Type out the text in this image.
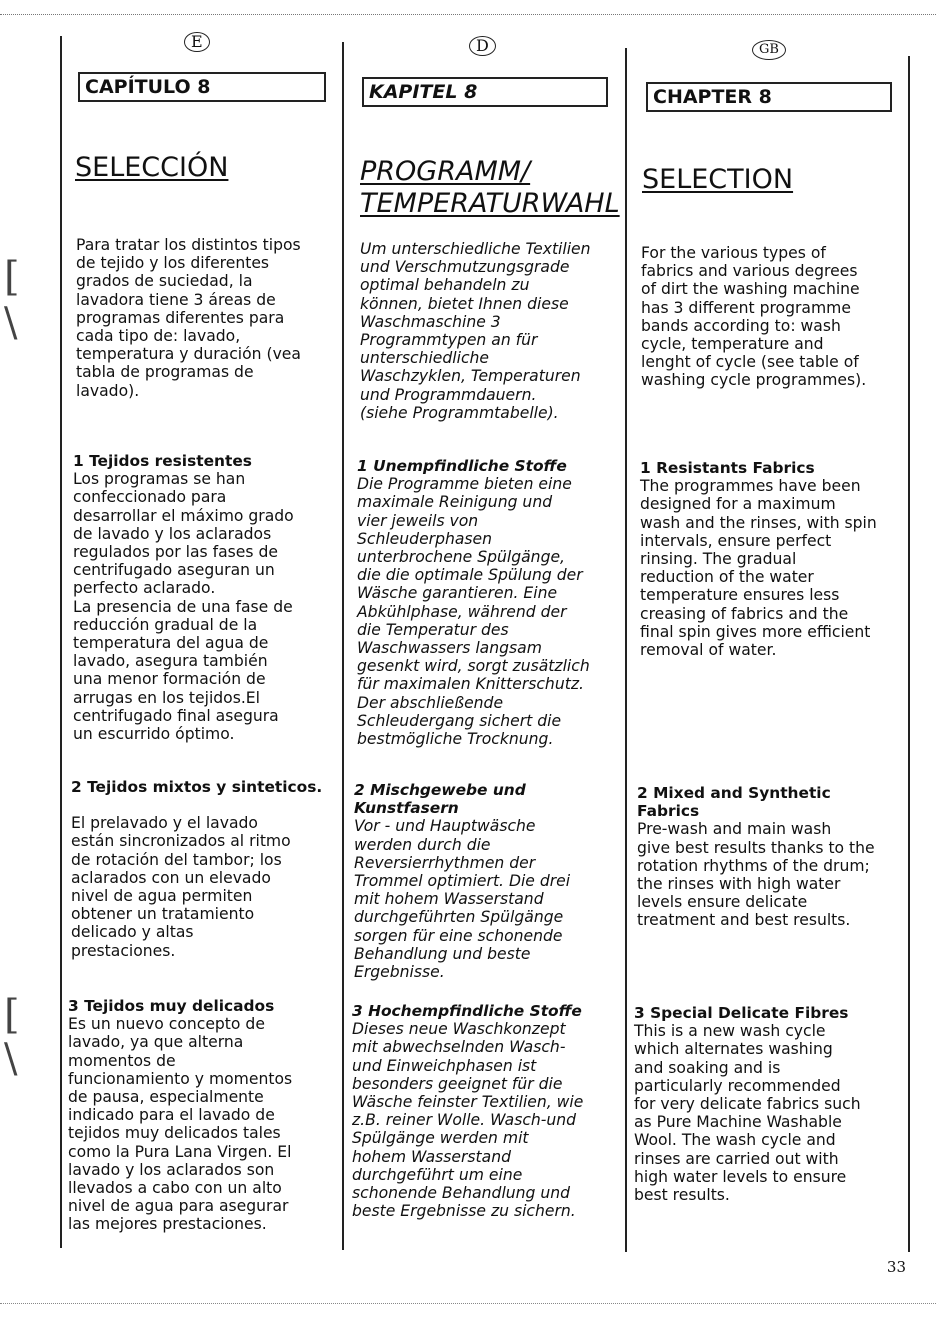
[
\
[
\
E
CAPÍTULO 8
SELECCIÓN

Para tratar los distintos tipos
de tejido y los diferentes
grados de suciedad, la
lavadora tiene 3 áreas de
programas diferentes para
cada tipo de: lavado,
temperatura y duración (vea
tabla de programas de
lavado).

1 Tejidos resistentes

Los programas se han
confeccionado para
desarrollar el máximo grado
de lavado y los aclarados
regulados por las fases de
centrifugado aseguran un
perfecto aclarado.
La presencia de una fase de
reducción gradual de la
temperatura del agua de
lavado, asegura también
una menor formación de
arrugas en los tejidos.El
centrifugado final asegura
un escurrido óptimo.

2 Tejidos mixtos y sinteticos.

El prelavado y el lavado
están sincronizados al ritmo
de rotación del tambor; los
aclarados con un elevado
nivel de agua permiten
obtener un tratamiento
delicado y altas
prestaciones.

3 Tejidos muy delicados

Es un nuevo concepto de
lavado, ya que alterna
momentos de
funcionamiento y momentos
de pausa, especialmente
indicado para el lavado de
tejidos muy delicados tales
como la Pura Lana Virgen. El
lavado y los aclarados son
llevados a cabo con un alto
nivel de agua para asegurar
las mejores prestaciones.

D
KAPITEL 8
PROGRAMM/
TEMPERATURWAHL

Um unterschiedliche Textilien
und Verschmutzungsgrade
optimal behandeln zu
können, bietet Ihnen diese
Waschmaschine 3
Programmtypen an für
unterschiedliche
Waschzyklen, Temperaturen
und Programmdauern.
(siehe Programmtabelle).

1 Unempfindliche Stoffe

Die Programme bieten eine
maximale Reinigung und
vier jeweils von
Schleuderphasen
unterbrochene Spülgänge,
die die optimale Spülung der
Wäsche garantieren. Eine
Abkühlphase, während der
die Temperatur des
Waschwassers langsam
gesenkt wird, sorgt zusätzlich
für maximalen Knitterschutz.
Der abschließende
Schleudergang sichert die
bestmögliche Trocknung.

2 Mischgewebe und
Kunstfasern

Vor - und Hauptwäsche
werden durch die
Reversierrhythmen der
Trommel optimiert. Die drei
mit hohem Wasserstand
durchgeführten Spülgänge
sorgen für eine schonende
Behandlung und beste
Ergebnisse.

3 Hochempfindliche Stoffe

Dieses neue Waschkonzept
mit abwechselnden Wasch-
und Einweichphasen ist
besonders geeignet für die
Wäsche feinster Textilien, wie
z.B. reiner Wolle. Wasch-und
Spülgänge werden mit
hohem Wasserstand
durchgeführt um eine
schonende Behandlung und
beste Ergebnisse zu sichern.

GB
CHAPTER 8
SELECTION

For the various types of
fabrics and various degrees
of dirt the washing machine
has 3 different programme
bands according to: wash
cycle, temperature and
lenght of cycle (see table of
washing cycle programmes).

1 Resistants Fabrics

The programmes have been
designed for a maximum
wash and the rinses, with spin
intervals, ensure perfect
rinsing. The gradual
reduction of the water
temperature ensures less
creasing of fabrics and the
final spin gives more efficient
removal of water.

2 Mixed and Synthetic
Fabrics

Pre-wash and main wash
give best results thanks to the
rotation rhythms of the drum;
the rinses with high water
levels ensure delicate
treatment and best results.

3 Special Delicate Fibres

This is a new wash cycle
which alternates washing
and soaking and is
particularly recommended
for very delicate fabrics such
as Pure Machine Washable
Wool. The wash cycle and
rinses are carried out with
high water levels to ensure
best results.

33
